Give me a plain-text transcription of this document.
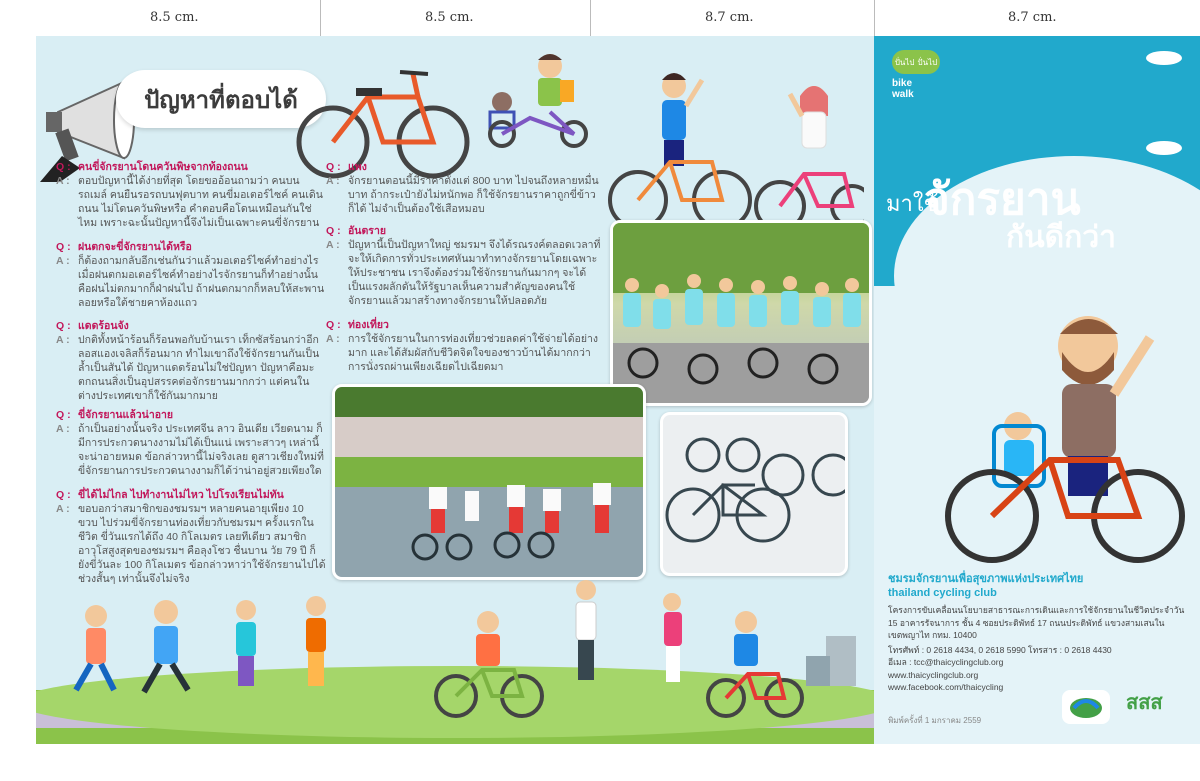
8.5 cm.	8.5 cm.	8.7 cm.	8.7 cm.
ปัญหาที่ตอบได้
Q : คนขี่จักรยานโดนควันพิษจากท้องถนน
A : ตอบปัญหานี้ได้ง่ายที่สุด โดยขออ้อนถามว่า คนบนรถเมล์ คนยืนรอรถบนฟุตบาท คนขี่มอเตอร์ไซค์ คนเดินถนน ไม่โดนควันพิษหรือ คำตอบคือโดนเหมือนกันใช่ไหม เพราะฉะนั้นปัญหานี้จึงไม่เป็นเฉพาะคนขี่จักรยาน
Q : ฝนตกจะขี่จักรยานได้หรือ
A : ก็ต้องถามกลับอีกเช่นกันว่าแล้วมอเตอร์ไซค์ทำอย่างไร เมื่อฝนตกมอเตอร์ไซค์ทำอย่างไรจักรยานก็ทำอย่างนั้น คือฝนไม่ตกมากก็ฝ่าฝนไป ถ้าฝนตกมากก็หลบให้สะพานลอยหรือใต้ชายคาห้องแถว
Q : แดดร้อนจัง
A : ปกติทั้งหน้าร้อนก็ร้อนพอกับบ้านเรา เท็กซัสร้อนกว่าอีกลอสแองเจลิสก็ร้อนมาก ทำไมเขาถึงใช้จักรยานกันเป็นล้ำเป็นสันได้ ปัญหาแดดร้อนไม่ใช่ปัญหา ปัญหาคือมะตกถนนสิ่งเป็นอุปสรรคต่อจักรยานมากกว่า แต่คนในต่างประเทศเขาก็ใช้กันมากมาย
Q : ขี่จักรยานแล้วน่าอาย
A : ถ้าเป็นอย่างนั้นจริง ประเทศจีน ลาว อินเดีย เวียดนาม ก็มีการประกวดนางงามไม่ได้เป็นแน่ เพราะสาวๆ เหล่านี้จะน่าอายหมด ข้อกล่าวหานี้ไม่จริงเลย ดูสาวเชียงใหม่ที่ขี่จักรยานการประกวดนางงามก็ได้ว่าน่าอยู่สวยเพียงใด
Q : ขี่ได้ไม่ไกล ไปทำงานไม่ไหว ไปโรงเรียนไม่ทัน
A : ขอบอกว่าสมาชิกของชมรมฯ หลายคนอายุเพียง 10 ขวบ ไปร่วมขี่จักรยานท่องเที่ยวกับชมรมฯ ครั้งแรกในชีวิต ขี่วันแรกได้ถึง 40 กิโลเมตร เลยทีเดียว สมาชิกอาวุโสสูงสุดของชมรมฯ คือลุงโชว ชื่นบาน วัย 79 ปี ก็ยังขี่วันละ 100 กิโลเมตร ข้อกล่าวหาว่าใช้จักรยานไปได้ช่วงสั้นๆ เท่านั้นจึงไม่จริง
Q : แพง
A : จักรยานตอนนี้มีราคาตั้งแต่ 800 บาท ไปจนถึงหลายหมื่นบาท ถ้ากระเป๋ายังไม่หนักพอ ก็ใช้จักรยานราคาถูกขี่ข้าวก็ได้ ไม่จำเป็นต้องใช้เสือหมอบ
Q : อันตราย
A : ปัญหานี้เป็นปัญหาใหญ่ ชมรมฯ จึงได้รณรงค์ตลอดเวลาที่จะให้เกิดการทั่วประเทศหันมาทำทางจักรยานโดยเฉพาะให้ประชาชน เราจึงต้องร่วมใช้จักรยานกันมากๆ จะได้เป็นแรงผลักดันให้รัฐบาลเห็นความสำคัญของคนใช้จักรยานแล้วมาสร้างทางจักรยานให้ปลอดภัย
Q : ท่องเที่ยว
A : การใช้จักรยานในการท่องเที่ยวช่วยลดค่าใช้จ่ายได้อย่างมาก และได้สัมผัสกับชีวิตจิตใจของชาวบ้านได้มากกว่าการนั่งรถผ่านเพียงเฉียดไปเฉียดมา
ปั่นไป ปั่นไป
bike
walk
มาใช้
จักรยาน
กันดีกว่า
ชมรมจักรยานเพื่อสุขภาพแห่งประเทศไทย
thailand cycling club
โครงการขับเคลื่อนนโยบายสาธารณะการเดินและการใช้จักรยานในชีวิตประจำวัน
15 อาคารรัจนาการ ชั้น 4 ซอยประดิพัทธ์ 17 ถนนประดิพัทธ์ แขวงสามเสนใน
เขตพญาไท กทม. 10400
โทรศัพท์ : 0 2618 4434, 0 2618 5990 โทรสาร : 0 2618 4430
อีเมล : tcc@thaicyclingclub.org
www.thaicyclingclub.org
www.facebook.com/thaicycling
พิมพ์ครั้งที่ 1 มกราคม 2559
สสส
